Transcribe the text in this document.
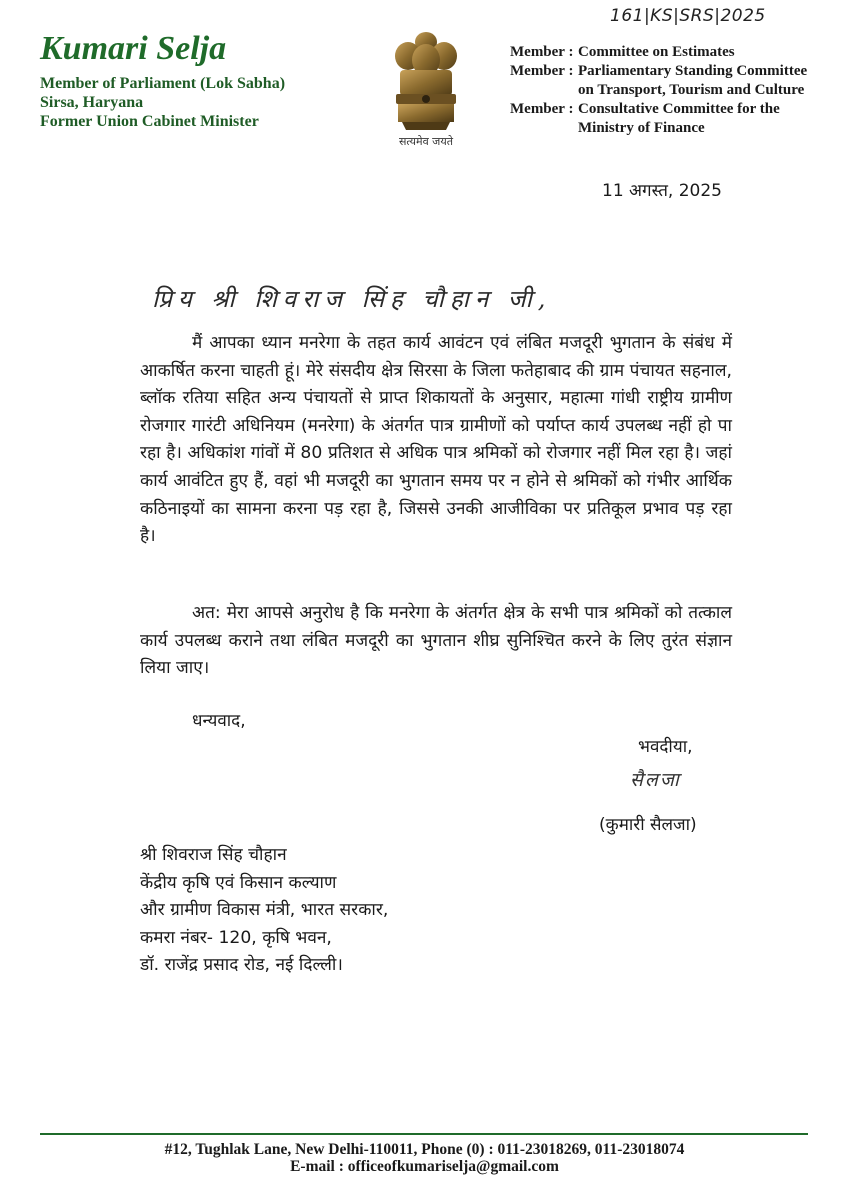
161|KS|SRS|2025
Kumari Selja
Member of Parliament (Lok Sabha)
Sirsa, Haryana
Former Union Cabinet Minister
सत्यमेव जयते
Member : Committee on Estimates
Member : Parliamentary Standing Committee
on Transport, Tourism and Culture
Member : Consultative Committee for the
Ministry of Finance
11 अगस्त, 2025
प्रिय श्री शिवराज सिंह चौहान जी,

मैं आपका ध्यान मनरेगा के तहत कार्य आवंटन एवं लंबित मजदूरी भुगतान के संबंध में आकर्षित करना चाहती हूं। मेरे संसदीय क्षेत्र सिरसा के जिला फतेहाबाद की ग्राम पंचायत सहनाल, ब्लॉक रतिया सहित अन्य पंचायतों से प्राप्त शिकायतों के अनुसार, महात्मा गांधी राष्ट्रीय ग्रामीण रोजगार गारंटी अधिनियम (मनरेगा) के अंतर्गत पात्र ग्रामीणों को पर्याप्त कार्य उपलब्ध नहीं हो पा रहा है। अधिकांश गांवों में 80 प्रतिशत से अधिक पात्र श्रमिकों को रोजगार नहीं मिल रहा है। जहां कार्य आवंटित हुए हैं, वहां भी मजदूरी का भुगतान समय पर न होने से श्रमिकों को गंभीर आर्थिक कठिनाइयों का सामना करना पड़ रहा है, जिससे उनकी आजीविका पर प्रतिकूल प्रभाव पड़ रहा है।

अत: मेरा आपसे अनुरोध है कि मनरेगा के अंतर्गत क्षेत्र के सभी पात्र श्रमिकों को तत्काल कार्य उपलब्ध कराने तथा लंबित मजदूरी का भुगतान शीघ्र सुनिश्चित करने के लिए तुरंत संज्ञान लिया जाए।

धन्यवाद,
भवदीया,
सैलजा
(कुमारी सैलजा)
श्री शिवराज सिंह चौहान
केंद्रीय कृषि एवं किसान कल्याण
और ग्रामीण विकास मंत्री, भारत सरकार,
कमरा नंबर- 120, कृषि भवन,
डॉ. राजेंद्र प्रसाद रोड, नई दिल्ली।
#12, Tughlak Lane, New Delhi-110011, Phone (0) : 011-23018269, 011-23018074
E-mail : officeofkumariselja@gmail.com
